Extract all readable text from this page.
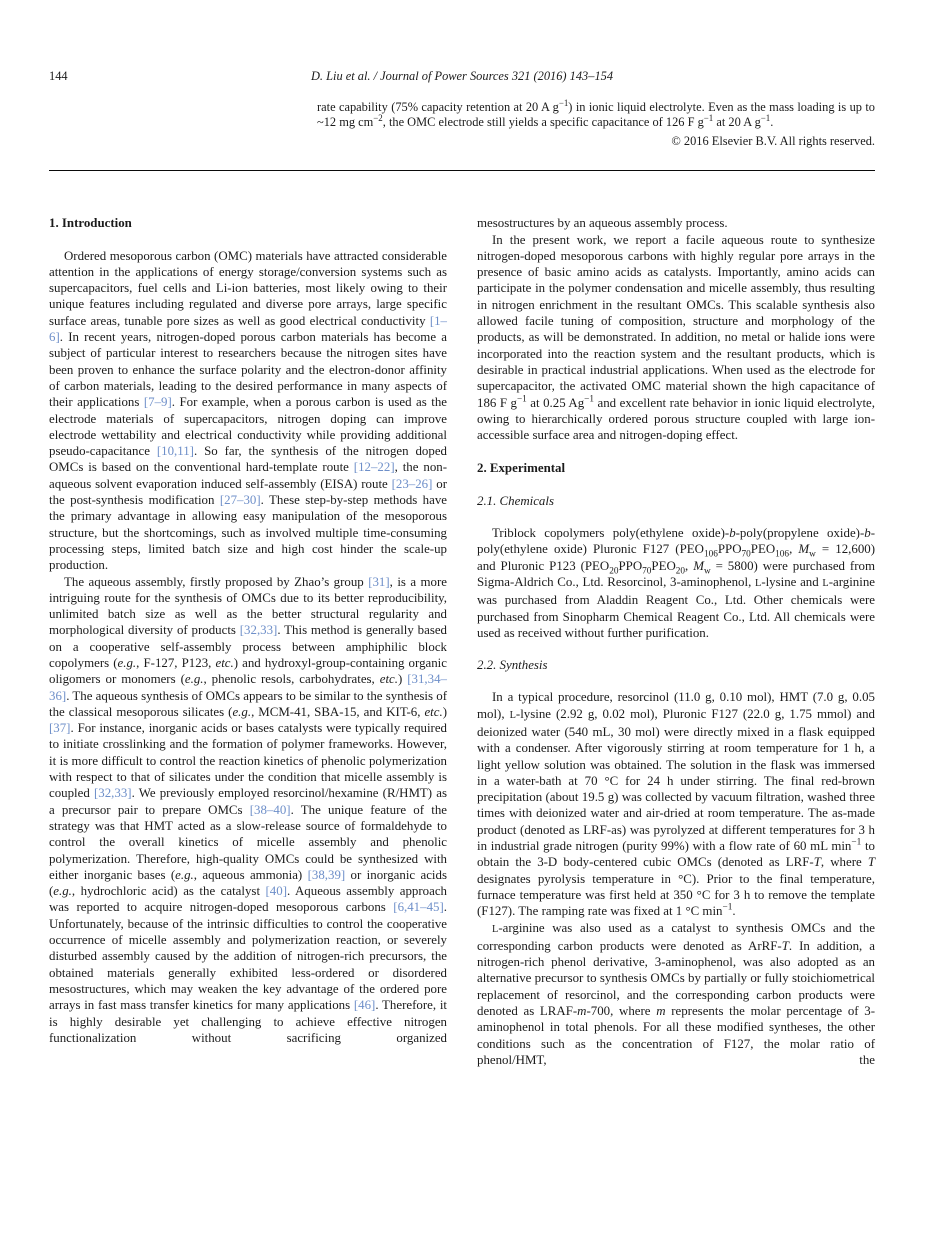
144	D. Liu et al. / Journal of Power Sources 321 (2016) 143–154

rate capability (75% capacity retention at 20 A $g^{-1}$) in ionic liquid electrolyte. Even as the mass loading is up to ~12 mg $cm^{-2}$, the OMC electrode still yields a specific capacitance of 126 F $g^{-1}$ at 20 A $g^{-1}$.

© 2016 Elsevier B.V. All rights reserved.

1. Introduction

Ordered mesoporous carbon (OMC) materials have attracted considerable attention in the applications of energy storage/conversion systems such as supercapacitors, fuel cells and Li-ion batteries, most likely owing to their unique features including regulated and diverse pore arrays, large specific surface areas, tunable pore sizes as well as good electrical conductivity [1–6]. In recent years, nitrogen-doped porous carbon materials has become a subject of particular interest to researchers because the nitrogen sites have been proven to enhance the surface polarity and the electron-donor affinity of carbon materials, leading to the desired performance in many aspects of their applications [7–9]. For example, when a porous carbon is used as the electrode materials of supercapacitors, nitrogen doping can improve electrode wettability and electrical conductivity while providing additional pseudo-capacitance [10,11]. So far, the synthesis of the nitrogen doped OMCs is based on the conventional hard-template route [12–22], the non-aqueous solvent evaporation induced self-assembly (EISA) route [23–26] or the post-synthesis modification [27–30]. These step-by-step methods have the primary advantage in allowing easy manipulation of the mesoporous structure, but the shortcomings, such as involved multiple time-consuming processing steps, limited batch size and high cost hinder the scale-up production.

The aqueous assembly, firstly proposed by Zhao’s group [31], is a more intriguing route for the synthesis of OMCs due to its better reproducibility, unlimited batch size as well as the better structural regularity and morphological diversity of products [32,33]. This method is generally based on a cooperative self-assembly process between amphiphilic block copolymers (e.g., F-127, P123, etc.) and hydroxyl-group-containing organic oligomers or monomers (e.g., phenolic resols, carbohydrates, etc.) [31,34–36]. The aqueous synthesis of OMCs appears to be similar to the synthesis of the classical mesoporous silicates (e.g., MCM-41, SBA-15, and KIT-6, etc.) [37]. For instance, inorganic acids or bases catalysts were typically required to initiate crosslinking and the formation of polymer frameworks. However, it is more difficult to control the reaction kinetics of phenolic polymerization with respect to that of silicates under the condition that micelle assembly is coupled [32,33]. We previously employed resorcinol/hexamine (R/HMT) as a precursor pair to prepare OMCs [38–40]. The unique feature of the strategy was that HMT acted as a slow-release source of formaldehyde to control the overall kinetics of micelle assembly and phenolic polymerization. Therefore, high-quality OMCs could be synthesized with either inorganic bases (e.g., aqueous ammonia) [38,39] or inorganic acids (e.g., hydrochloric acid) as the catalyst [40]. Aqueous assembly approach was reported to acquire nitrogen-doped mesoporous carbons [6,41–45]. Unfortunately, because of the intrinsic difficulties to control the cooperative occurrence of micelle assembly and polymerization reaction, or severely disturbed assembly caused by the addition of nitrogen-rich precursors, the obtained materials generally exhibited less-ordered or disordered mesostructures, which may weaken the key advantage of the ordered pore arrays in fast mass transfer kinetics for many applications [46]. Therefore, it is highly desirable yet challenging to achieve effective nitrogen functionalization without sacrificing organized

mesostructures by an aqueous assembly process.

In the present work, we report a facile aqueous route to synthesize nitrogen-doped mesoporous carbons with highly regular pore arrays in the presence of basic amino acids as catalysts. Importantly, amino acids can participate in the polymer condensation and micelle assembly, thus resulting in nitrogen enrichment in the resultant OMCs. This scalable synthesis also allowed facile tuning of composition, structure and morphology of the products, as will be demonstrated. In addition, no metal or halide ions were incorporated into the reaction system and the resultant products, which is desirable in practical industrial applications. When used as the electrode for supercapacitor, the activated OMC material shown the high capacitance of 186 F $g^{-1}$ at 0.25 $Ag^{-1}$ and excellent rate behavior in ionic liquid electrolyte, owing to hierarchically ordered porous structure coupled with large ion-accessible surface area and nitrogen-doping effect.

2. Experimental
2.1. Chemicals

Triblock copolymers poly(ethylene oxide)-b-poly(propylene oxide)-b-poly(ethylene oxide) Pluronic F127 ($PEO_{106}PPO_{70}PEO_{106}$, $M_w = 12,600$) and Pluronic P123 ($PEO_{20}PPO_{70}PEO_{20}$, $M_w = 5800$) were purchased from Sigma-Aldrich Co., Ltd. Resorcinol, 3-aminophenol, L-lysine and L-arginine was purchased from Aladdin Reagent Co., Ltd. Other chemicals were purchased from Sinopharm Chemical Reagent Co., Ltd. All chemicals were used as received without further purification.

2.2. Synthesis

In a typical procedure, resorcinol (11.0 g, 0.10 mol), HMT (7.0 g, 0.05 mol), L-lysine (2.92 g, 0.02 mol), Pluronic F127 (22.0 g, 1.75 mmol) and deionized water (540 mL, 30 mol) were directly mixed in a flask equipped with a condenser. After vigorously stirring at room temperature for 1 h, a light yellow solution was obtained. The solution in the flask was immersed in a water-bath at 70 °C for 24 h under stirring. The final red-brown precipitation (about 19.5 g) was collected by vacuum filtration, washed three times with deionized water and air-dried at room temperature. The as-made product (denoted as LRF-as) was pyrolyzed at different temperatures for 3 h in industrial grade nitrogen (purity 99%) with a flow rate of 60 mL $\min^{-1}$ to obtain the 3-D body-centered cubic OMCs (denoted as LRF-T, where T designates pyrolysis temperature in °C). Prior to the final temperature, furnace temperature was first held at 350 °C for 3 h to remove the template (F127). The ramping rate was fixed at 1 °C $\min^{-1}$.

L-arginine was also used as a catalyst to synthesis OMCs and the corresponding carbon products were denoted as ArRF-T. In addition, a nitrogen-rich phenol derivative, 3-aminophenol, was also adopted as an alternative precursor to synthesis OMCs by partially or fully stoichiometrical replacement of resorcinol, and the corresponding carbon products were denoted as LRAF-m-700, where m represents the molar percentage of 3-aminophenol in total phenols. For all these modified syntheses, the other conditions such as the concentration of F127, the molar ratio of phenol/HMT, the
